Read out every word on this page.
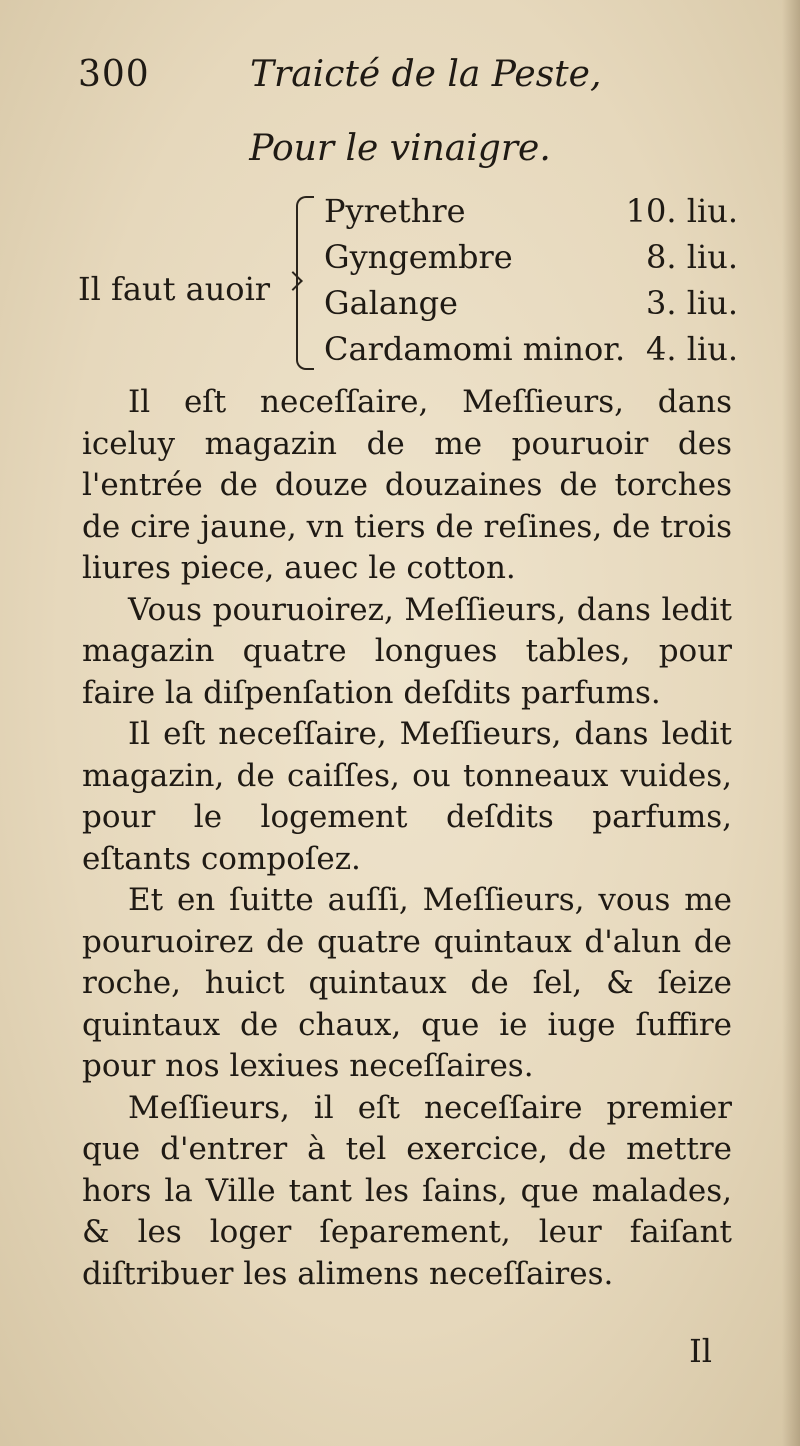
300	Traicté de la Peste,
Pour le vinaigre.
Il faut auoir
Pyrethre	10. liu.
Gyngembre	8. liu.
Galange	3. liu.
Cardamomi minor. 4. liu.

Il eſt neceſſaire, Meſſieurs, dans iceluy magazin de me pouruoir des l'entrée de douze douzaines de torches de cire jaune, vn tiers de reſines, de trois liures piece, auec le cotton.

Vous pouruoirez, Meſſieurs, dans ledit magazin quatre longues tables, pour faire la diſpenſation deſdits parfums.

Il eſt neceſſaire, Meſſieurs, dans ledit magazin, de caiſſes, ou tonneaux vuides, pour le logement deſdits parfums, eſtants compoſez.

Et en ſuitte auſſi, Meſſieurs, vous me pouruoirez de quatre quintaux d'alun de roche, huict quintaux de ſel, & ſeize quintaux de chaux, que ie iuge ſuffire pour nos lexiues neceſſaires.

Meſſieurs, il eſt neceſſaire premier que d'entrer à tel exercice, de mettre hors la Ville tant les ſains, que malades, & les loger ſeparement, leur faiſant diſtribuer les alimens neceſſaires.

Il
